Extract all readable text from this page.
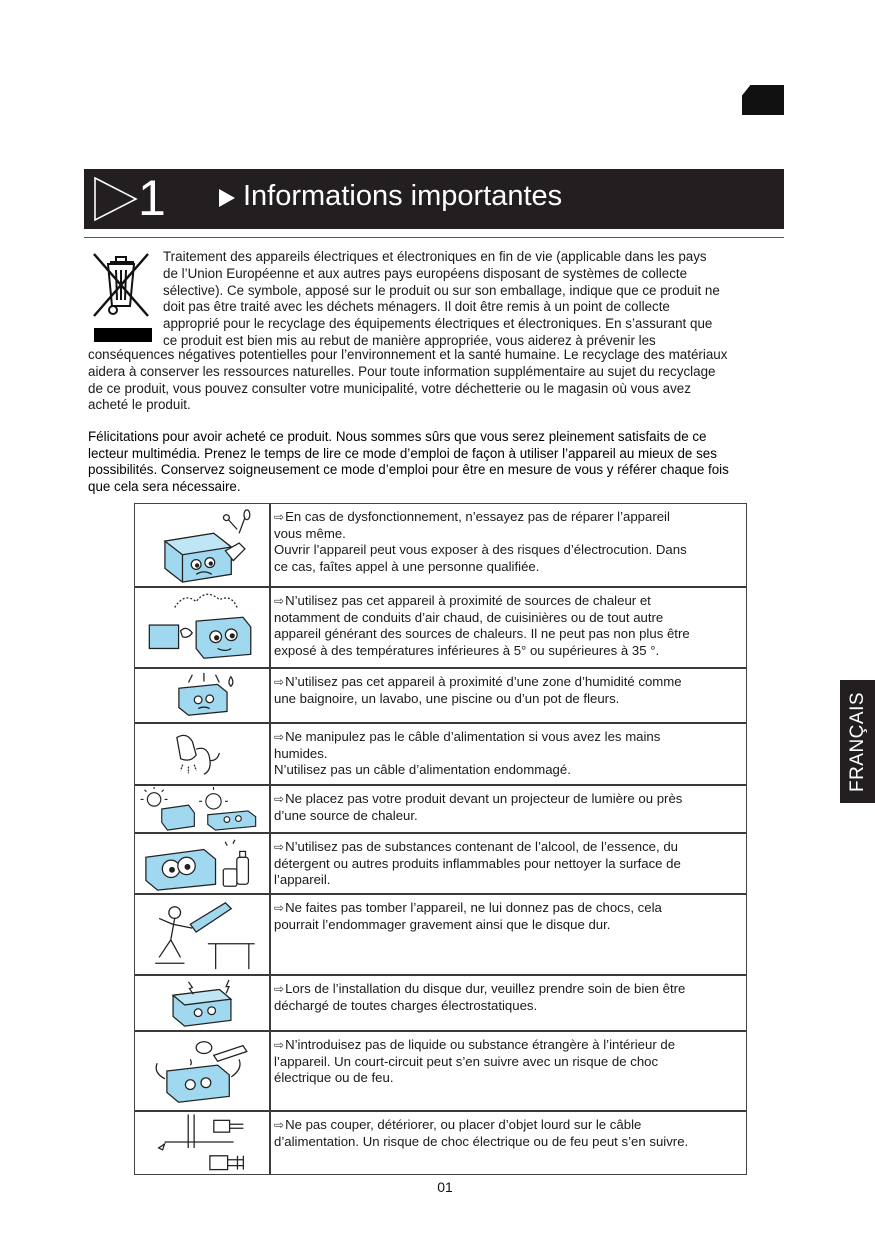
1	Informations importantes
Traitement des appareils électriques et électroniques en fin de vie (applicable dans les pays
de l’Union Européenne et aux autres pays européens disposant de systèmes de collecte
sélective). Ce symbole, apposé sur le produit ou sur son emballage, indique que ce produit ne
doit pas être traité avec les déchets ménagers. Il doit être remis à un point de collecte
approprié pour le recyclage des équipements électriques et électroniques. En s’assurant que
ce produit est bien mis au rebut de manière appropriée, vous aiderez à prévenir les
conséquences négatives potentielles pour l’environnement et la santé humaine. Le recyclage des matériaux
aidera à conserver les ressources naturelles. Pour toute information supplémentaire au sujet du recyclage
de ce produit, vous pouvez consulter votre municipalité, votre déchetterie ou le magasin où vous avez
acheté le produit.
Félicitations pour avoir acheté ce produit. Nous sommes sûrs que vous serez pleinement satisfaits de ce
lecteur multimédia. Prenez le temps de lire ce mode d’emploi de façon à utiliser l’appareil au mieux de ses
possibilités. Conservez soigneusement ce mode d’emploi pour être en mesure de vous y référer chaque fois
que cela sera nécessaire.
⇨En cas de dysfonctionnement, n’essayez pas de réparer l’appareil
vous même.
Ouvrir l’appareil peut vous exposer à des risques d’électrocution. Dans
ce cas, faîtes appel à une personne qualifiée.
⇨N’utilisez pas cet appareil à proximité de sources de chaleur et
notamment de conduits d’air chaud, de cuisinières ou de tout autre
appareil générant des sources de chaleurs. Il ne peut pas non plus être
exposé à des températures inférieures à 5° ou supérieures à 35 °.
⇨N’utilisez pas cet appareil à proximité d’une zone d’humidité comme
une baignoire, un lavabo, une piscine ou d’un pot de fleurs.
⇨Ne manipulez pas le câble d’alimentation si vous avez les mains
humides.
N’utilisez pas un câble d’alimentation endommagé.
⇨Ne placez pas votre produit devant un projecteur de lumière ou près
d’une source de chaleur.
⇨N’utilisez pas de substances contenant de l’alcool, de l’essence, du
détergent ou autres produits inflammables pour nettoyer la surface de
l’appareil.
⇨Ne faites pas tomber l’appareil, ne lui donnez pas de chocs, cela
pourrait l’endommager gravement ainsi que le disque dur.
⇨Lors de l’installation du disque dur, veuillez prendre soin de bien être
déchargé de toutes charges électrostatiques.
⇨N’introduisez pas de liquide ou substance étrangère à l’intérieur de
l’appareil. Un court-circuit peut s’en suivre avec un risque de choc
électrique ou de feu.
⇨Ne pas couper, détériorer, ou placer d’objet lourd sur le câble
d’alimentation. Un risque de choc électrique ou de feu peut s’en suivre.
01
FRANÇAIS
